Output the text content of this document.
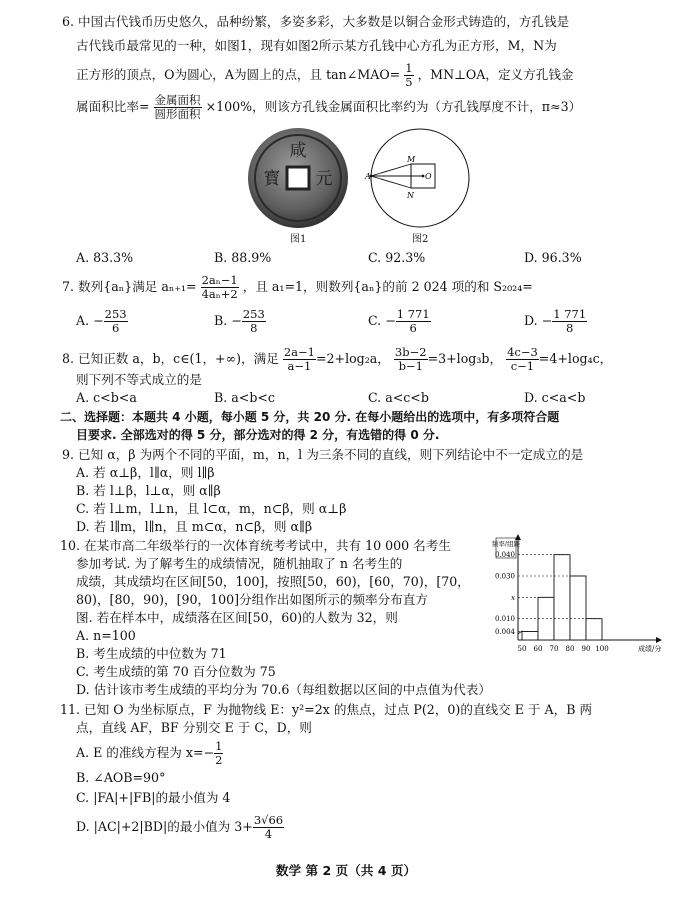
6. 中国古代钱币历史悠久，品种纷繁，多姿多彩，大多数是以铜合金形式铸造的，方孔钱是
古代钱币最常见的一种，如图1，现有如图2所示某方孔钱中心方孔为正方形，M，N为
正方形的顶点，O为圆心，A为圆上的点，且 tan∠MAO= $\frac{1}{5}$ ，MN⊥OA，定义方孔钱金
属面积比率= $\frac{\text{金属面积}}{\text{圆形面积}} \times 100\%$，则该方孔钱金属面积比率约为（方孔钱厚度不计，π≈3）
咸
元
寳
图1
M
N
A	O
图2
A. 83.3%	B. 88.9%	C. 92.3%	D. 96.3%
7. 数列{aₙ}满足 $a_{n+1}= \frac{\text{2aₙ−1}}{\text{4aₙ+2}}$ ，且 a₁=1，则数列{aₙ}的前 2 024 项的和 S₂₀₂₄=
A. − $\frac{253}{6}$	B. − $\frac{253}{8}$	C. − $\frac{1 771}{6}$	D. − $\frac{1 771}{8}$
8. 已知正数 a，b，c∈(1，+∞)，满足 $\frac{2a-1}{a-1} =2+\log_2a$， $\frac{3b-2}{b-1} =3+\log_3b$， $\frac{4c-3}{c-1} =4+\log_4c$，
则下列不等式成立的是
A. c<b<a	B. a<b<c	C. a<c<b	D. c<a<b
二、选择题：本题共 4 小题，每小题 5 分，共 20 分. 在每小题给出的选项中，有多项符合题
目要求. 全部选对的得 5 分，部分选对的得 2 分，有选错的得 0 分.
9. 已知 α，β 为两个不同的平面，m，n，l 为三条不同的直线，则下列结论中不一定成立的是
A. 若 α⊥β，l∥α，则 l∥β
B. 若 l⊥β，l⊥α，则 α∥β
C. 若 l⊥m，l⊥n，且 l⊂α，m，n⊂β，则 α⊥β
D. 若 l∥m，l∥n，且 m⊂α，n⊂β，则 α∥β
10. 在某市高二年级举行的一次体育统考考试中，共有 10 000 名考生
参加考试. 为了解考生的成绩情况，随机抽取了 n 名考生的
成绩，其成绩均在区间[50，100]，按照[50，60)，[60，70)，[70，
80)，[80，90)，[90，100]分组作出如图所示的频率分布直方
图. 若在样本中，成绩落在区间[50，60)的人数为 32，则
A. n=100
B. 考生成绩的中位数为 71
C. 考生成绩的第 70 百分位数为 75
D. 估计该市考生成绩的平均分为 70.6（每组数据以区间的中点值为代表）
频率/组距
成绩/分
0.040
0.030
x
0.010
0.004
50 60 70 80 90 100
11. 已知 O 为坐标原点，F 为抛物线 E：y²=2x 的焦点，过点 P(2，0)的直线交 E 于 A，B 两
点，直线 AF，BF 分别交 E 于 C，D，则
A. E 的准线方程为 $x=- \frac{1}{2}$
B. ∠AOB=90°
C. |FA|+|FB|的最小值为 4
D. |AC|+2|BD|的最小值为 $3+ \frac{3√66}{4}$
数学 第 2 页（共 4 页）
